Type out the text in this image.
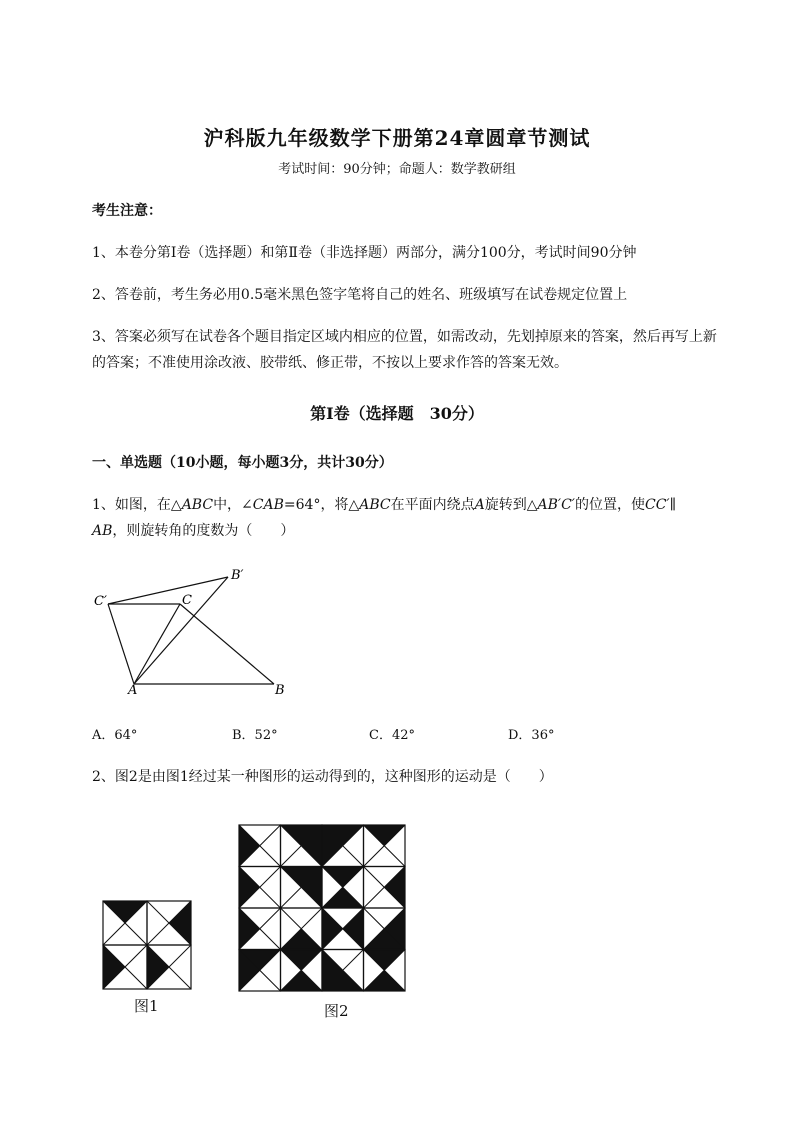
沪科版九年级数学下册第24章圆章节测试
考试时间：90分钟；命题人：数学教研组
考生注意：
1、本卷分第I卷（选择题）和第Ⅱ卷（非选择题）两部分，满分100分，考试时间90分钟
2、答卷前，考生务必用0.5毫米黑色签字笔将自己的姓名、班级填写在试卷规定位置上
3、答案必须写在试卷各个题目指定区域内相应的位置，如需改动，先划掉原来的答案，然后再写上新
的答案；不准使用涂改液、胶带纸、修正带，不按以上要求作答的答案无效。
第I卷（选择题　30分）
一、单选题（10小题，每小题3分，共计30分）
1、如图，在△ABC中，∠CAB=64°，将△ABC在平面内绕点A旋转到△AB′C′的位置，使CC′∥
AB，则旋转角的度数为（　　）
C′	C
B′
A	B
A．64°	B．52°	C．42°	D．36°
2、图2是由图1经过某一种图形的运动得到的，这种图形的运动是（　　）
图1	图2
